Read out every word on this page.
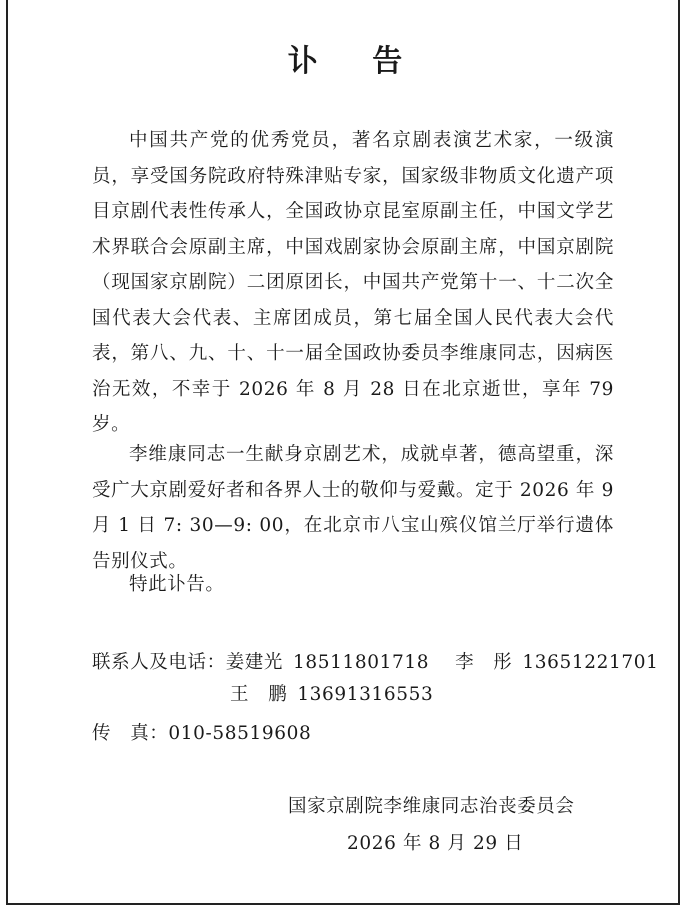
讣 告

中国共产党的优秀党员，著名京剧表演艺术家，一级演员，享受国务院政府特殊津贴专家，国家级非物质文化遗产项目京剧代表性传承人，全国政协京昆室原副主任，中国文学艺术界联合会原副主席，中国戏剧家协会原副主席，中国京剧院（现国家京剧院）二团原团长，中国共产党第十一、十二次全国代表大会代表、主席团成员，第七届全国人民代表大会代表，第八、九、十、十一届全国政协委员李维康同志，因病医治无效，不幸于 2026 年 8 月 28 日在北京逝世，享年 79 岁。

李维康同志一生献身京剧艺术，成就卓著，德高望重，深受广大京剧爱好者和各界人士的敬仰与爱戴。定于 2026 年 9 月 1 日 7: 30—9: 00，在北京市八宝山殡仪馆兰厅举行遗体告别仪式。

特此讣告。

联系人及电话：姜建光 18511801718 李　彤 13651221701
王　鹏 13691316553
传　真：010-58519608
国家京剧院李维康同志治丧委员会
2026 年 8 月 29 日
